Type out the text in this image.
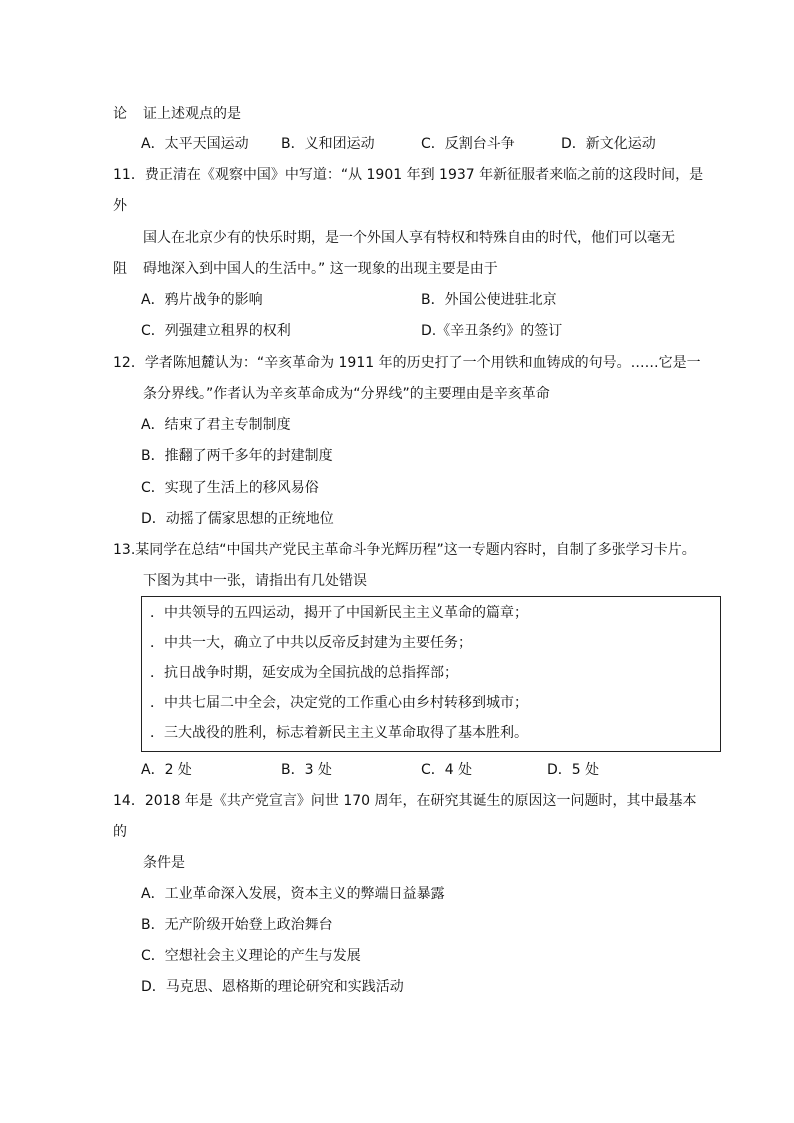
论 证上述观点的是
A．太平天国运动 B．义和团运动	C．反割台斗争	D．新文化运动
11．费正清在《观察中国》中写道：“从 1901 年到 1937 年新征服者来临之前的这段时间，是
外
国人在北京少有的快乐时期，是一个外国人享有特权和特殊自由的时代，他们可以毫无
阻 碍地深入到中国人的生活中。” 这一现象的出现主要是由于
A．鸦片战争的影响	B．外国公使进驻北京
C．列强建立租界的权利	D.《辛丑条约》的签订
12．学者陈旭麓认为：“辛亥革命为 1911 年的历史打了一个用铁和血铸成的句号。……它是一
条分界线。”作者认为辛亥革命成为“分界线”的主要理由是辛亥革命
A．结束了君主专制制度
B．推翻了两千多年的封建制度
C．实现了生活上的移风易俗
D．动摇了儒家思想的正统地位
13.某同学在总结“中国共产党民主革命斗争光辉历程”这一专题内容时，自制了多张学习卡片。
下图为其中一张，请指出有几处错误
．中共领导的五四运动，揭开了中国新民主主义革命的篇章；
．中共一大，确立了中共以反帝反封建为主要任务；
．抗日战争时期，延安成为全国抗战的总指挥部；
．中共七届二中全会，决定党的工作重心由乡村转移到城市；
．三大战役的胜利，标志着新民主主义革命取得了基本胜利。
A．2 处	B．3 处	C．4 处	D．5 处
14．2018 年是《共产党宣言》问世 170 周年，在研究其诞生的原因这一问题时，其中最基本
的
条件是
A．工业革命深入发展，资本主义的弊端日益暴露
B．无产阶级开始登上政治舞台
C．空想社会主义理论的产生与发展
D．马克思、恩格斯的理论研究和实践活动
